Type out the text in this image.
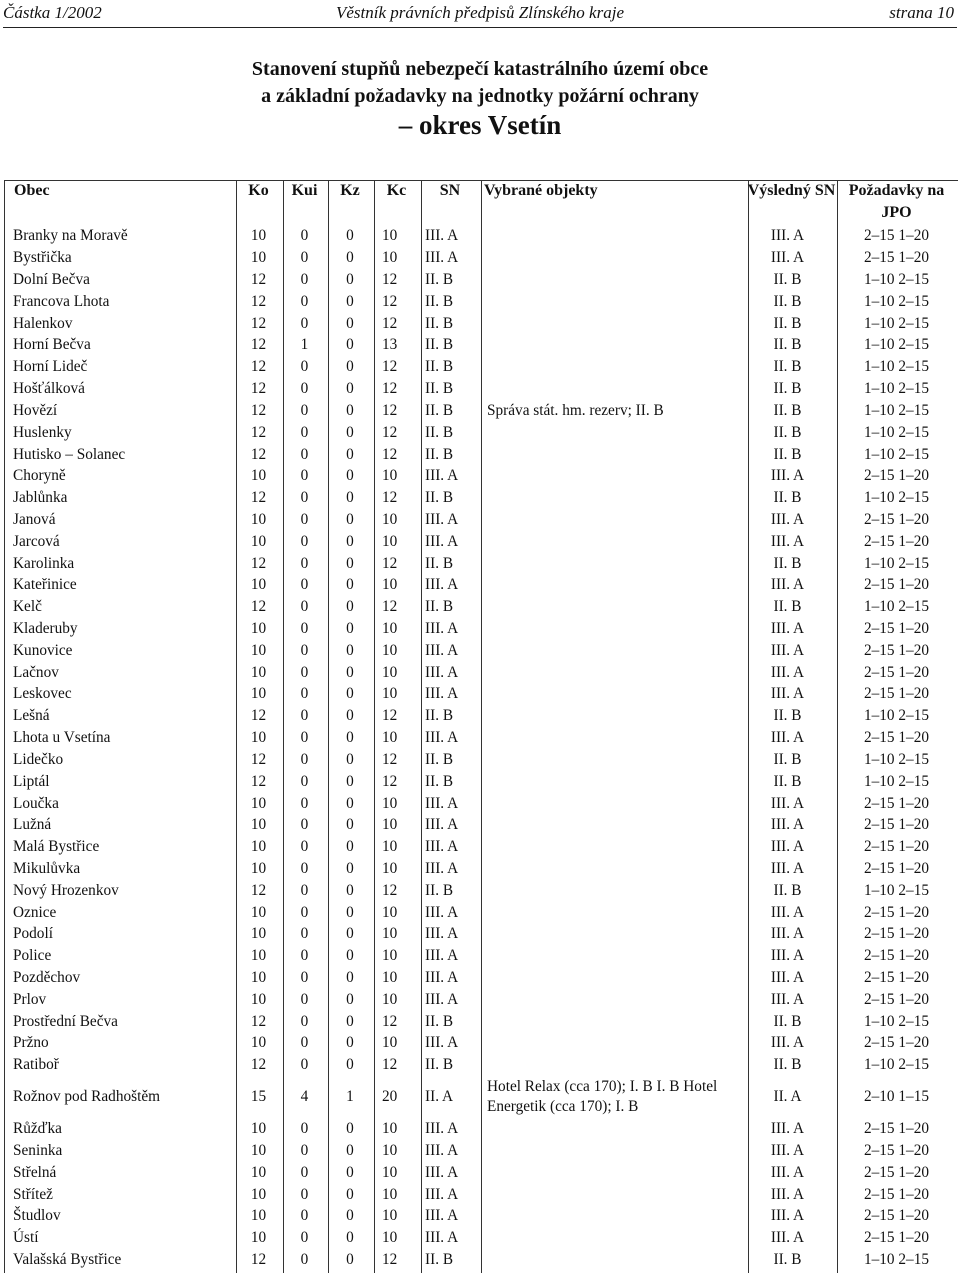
Částka 1/2002	Věstník právních předpisů Zlínského kraje	strana 10
Stanovení stupňů nebezpečí katastrálního území obce
a základní požadavky na jednotky požární ochrany
– okres Vsetín
Obec	Ko	Kui	Kz	Kc	SN	Vybrané objekty	Výsledný SN	Požadavky na JPO
Branky na Moravě	10	0	0	10	III. A		III. A	2–15 1–20
Bystřička	10	0	0	10	III. A		III. A	2–15 1–20
Dolní Bečva	12	0	0	12	II. B		II. B	1–10 2–15
Francova Lhota	12	0	0	12	II. B		II. B	1–10 2–15
Halenkov	12	0	0	12	II. B		II. B	1–10 2–15
Horní Bečva	12	1	0	13	II. B		II. B	1–10 2–15
Horní Lideč	12	0	0	12	II. B		II. B	1–10 2–15
Hošťálková	12	0	0	12	II. B		II. B	1–10 2–15
Hovězí	12	0	0	12	II. B	Správa stát. hm. rezerv; II. B	II. B	1–10 2–15
Huslenky	12	0	0	12	II. B		II. B	1–10 2–15
Hutisko – Solanec	12	0	0	12	II. B		II. B	1–10 2–15
Choryně	10	0	0	10	III. A		III. A	2–15 1–20
Jablůnka	12	0	0	12	II. B		II. B	1–10 2–15
Janová	10	0	0	10	III. A		III. A	2–15 1–20
Jarcová	10	0	0	10	III. A		III. A	2–15 1–20
Karolinka	12	0	0	12	II. B		II. B	1–10 2–15
Kateřinice	10	0	0	10	III. A		III. A	2–15 1–20
Kelč	12	0	0	12	II. B		II. B	1–10 2–15
Kladeruby	10	0	0	10	III. A		III. A	2–15 1–20
Kunovice	10	0	0	10	III. A		III. A	2–15 1–20
Lačnov	10	0	0	10	III. A		III. A	2–15 1–20
Leskovec	10	0	0	10	III. A		III. A	2–15 1–20
Lešná	12	0	0	12	II. B		II. B	1–10 2–15
Lhota u Vsetína	10	0	0	10	III. A		III. A	2–15 1–20
Lidečko	12	0	0	12	II. B		II. B	1–10 2–15
Liptál	12	0	0	12	II. B		II. B	1–10 2–15
Loučka	10	0	0	10	III. A		III. A	2–15 1–20
Lužná	10	0	0	10	III. A		III. A	2–15 1–20
Malá Bystřice	10	0	0	10	III. A		III. A	2–15 1–20
Mikulůvka	10	0	0	10	III. A		III. A	2–15 1–20
Nový Hrozenkov	12	0	0	12	II. B		II. B	1–10 2–15
Oznice	10	0	0	10	III. A		III. A	2–15 1–20
Podolí	10	0	0	10	III. A		III. A	2–15 1–20
Police	10	0	0	10	III. A		III. A	2–15 1–20
Pozděchov	10	0	0	10	III. A		III. A	2–15 1–20
Prlov	10	0	0	10	III. A		III. A	2–15 1–20
Prostřední Bečva	12	0	0	12	II. B		II. B	1–10 2–15
Pržno	10	0	0	10	III. A		III. A	2–15 1–20
Ratiboř	12	0	0	12	II. B		II. B	1–10 2–15
Rožnov pod Radhoštěm	15	4	1	20	II. A	Hotel Relax (cca 170); I. B I. B Hotel Energetik (cca 170); I. B	II. A	2–10 1–15
Růžďka	10	0	0	10	III. A		III. A	2–15 1–20
Seninka	10	0	0	10	III. A		III. A	2–15 1–20
Střelná	10	0	0	10	III. A		III. A	2–15 1–20
Střítež	10	0	0	10	III. A		III. A	2–15 1–20
Študlov	10	0	0	10	III. A		III. A	2–15 1–20
Ústí	10	0	0	10	III. A		III. A	2–15 1–20
Valašská Bystřice	12	0	0	12	II. B		II. B	1–10 2–15
